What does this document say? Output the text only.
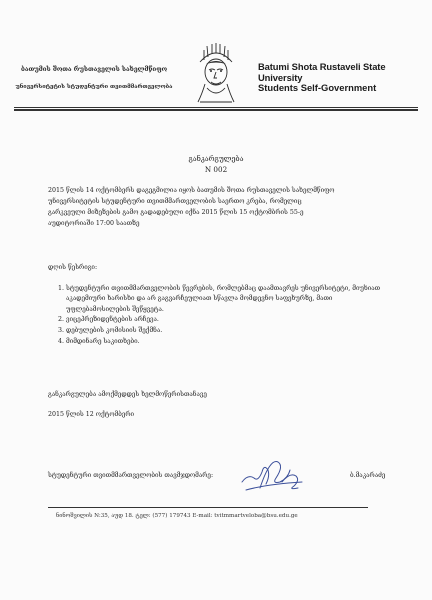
ბათუმის შოთა რუსთაველის სახელმწიფო
უნივერსიტეტის სტუდენტური თვითმმართველობა
Batumi Shota Rustaveli State University
Students Self-Government
განკარგულება
N 002
2015 წლის 14 ოქტომბერს დაგეგმილია იყოს ბათუმის შოთა რუსთაველის სახელმწიფო
უნივერსიტეტის სტუდენტური თვითმმართველობის საერთო კრება, რომელიც
გარკვეული მიზეზების გამო გადადებული იქნა 2015 წლის 15 ოქტომბრის 55-ე
აუდიტორიაში 17:00 საათზე
დღის წესრიგი:
1. სტუდენტური თვითმმართველობის წევრების, რომლებმაც დაამთავრეს უნივერსიტეტი, მიუხიათ აკადემიური ხარისხი და არ გაგვარჩეულიათ სწავლა მომდევნო საფეხურზე, მათი უფლებამოსილების შეწყვეტა.
2. ვიცეპრეზიდენტების არჩევა.
3. დებულების კომისიის შექმნა.
4. მიმდინარე საკითხები.
განკარგულება ამოქმედდეს ხელმოწერისთანავე
2015 წლის 12 ოქტომბერი
სტუდენტური თვითმმართველობის თავმჯდომარე:	ბ.მაკარაძე
ნინოშვილის N:35, აუდ 18. ტელ: (577) 179743 E-mail: tvitmmartveloba@bsu.edu.ge
